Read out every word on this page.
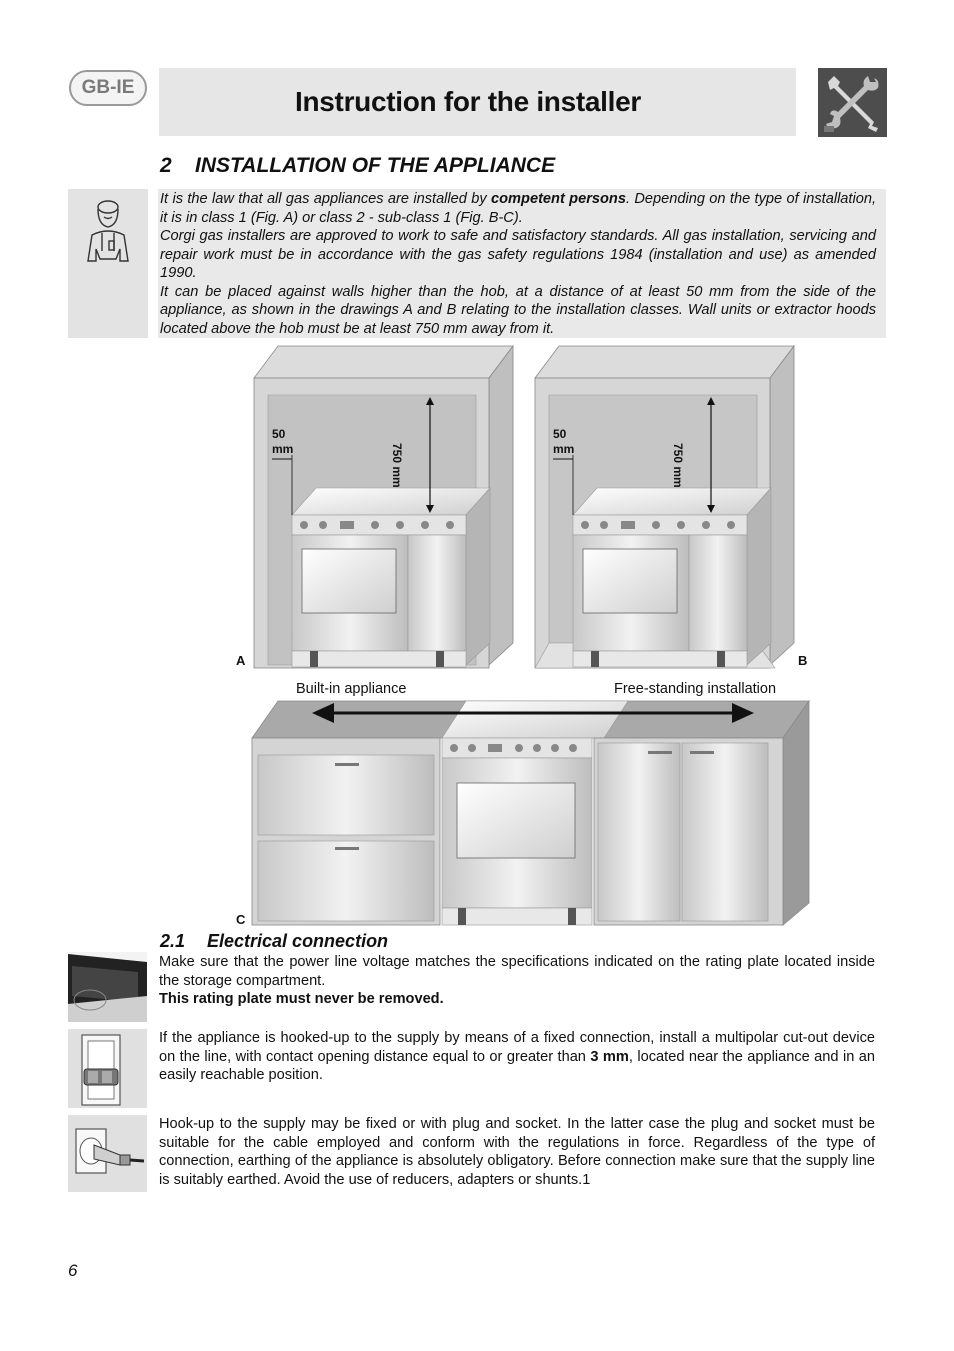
GB-IE	Instruction for the installer
2 INSTALLATION OF THE APPLIANCE

It is the law that all gas appliances are installed by competent persons. Depending on the type of installation, it is in class 1 (Fig. A) or class 2 - sub-class 1 (Fig. B-C).

Corgi gas installers are approved to work to safe and satisfactory standards. All gas installation, servicing and repair work must be in accordance with the gas safety regulations 1984 (installation and use) as amended 1990.

It can be placed against walls higher than the hob, at a distance of at least 50 mm from the side of the appliance, as shown in the drawings A and B relating to the installation classes. Wall units or extractor hoods located above the hob must be at least 750 mm away from it.

50
mm
50
mm
750 mm	750 mm
A	B
C
Built-in appliance	Free-standing installation
2.1 Electrical connection

Make sure that the power line voltage matches the specifications indicated on the rating plate located inside the storage compartment.

This rating plate must never be removed.

If the appliance is hooked-up to the supply by means of a fixed connection, install a multipolar cut-out device on the line, with contact opening distance equal to or greater than 3 mm, located near the appliance and in an easily reachable position.

Hook-up to the supply may be fixed or with plug and socket. In the latter case the plug and socket must be suitable for the cable employed and conform with the regulations in force. Regardless of the type of connection, earthing of the appliance is absolutely obligatory. Before connection make sure that the supply line is suitably earthed. Avoid the use of reducers, adapters or shunts.1

6
